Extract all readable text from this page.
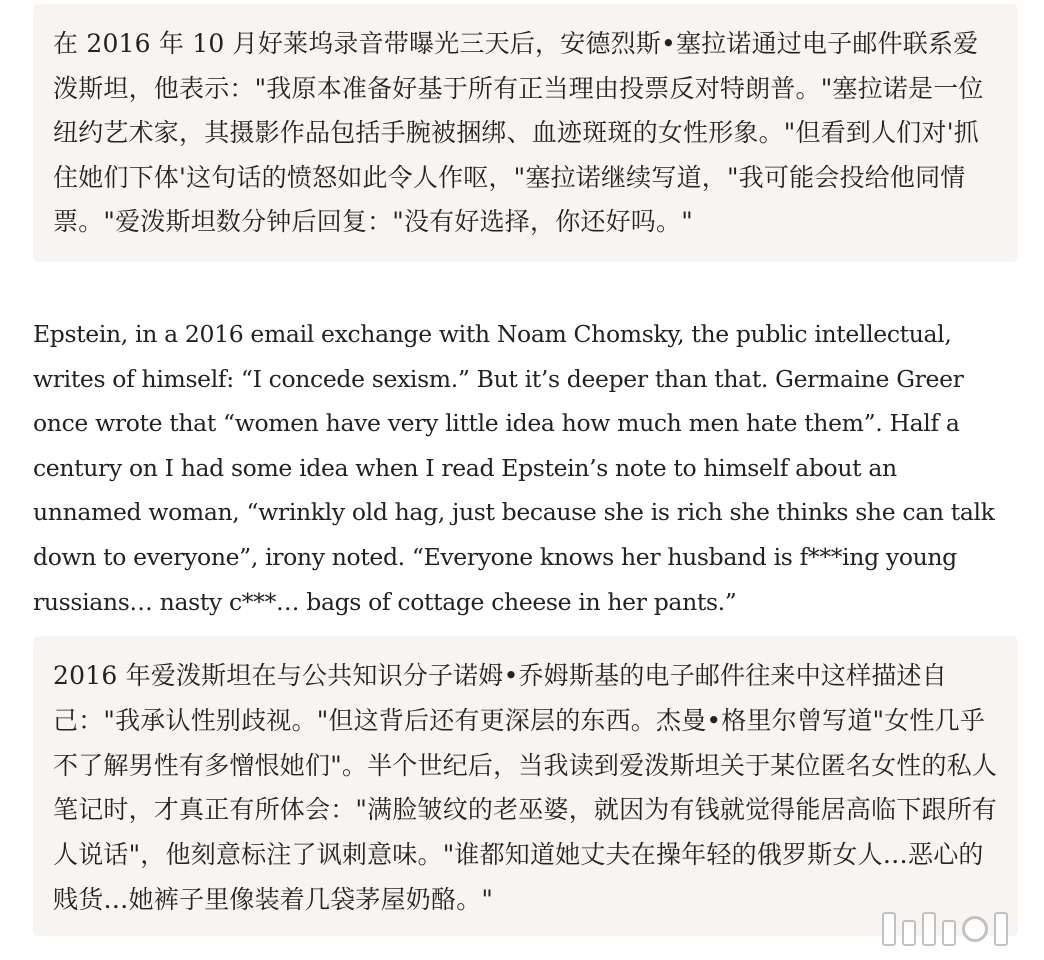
在 2016 年 10 月好莱坞录音带曝光三天后，安德烈斯•塞拉诺通过电子邮件联系爱泼斯坦，他表示："我原本准备好基于所有正当理由投票反对特朗普。"塞拉诺是一位纽约艺术家，其摄影作品包括手腕被捆绑、血迹斑斑的女性形象。"但看到人们对'抓住她们下体'这句话的愤怒如此令人作呕，"塞拉诺继续写道，"我可能会投给他同情票。"爱泼斯坦数分钟后回复："没有好选择，你还好吗。"

Epstein, in a 2016 email exchange with Noam Chomsky, the public intellectual, writes of himself: “I concede sexism.” But it’s deeper than that. Germaine Greer once wrote that “women have very little idea how much men hate them”. Half a century on I had some idea when I read Epstein’s note to himself about an unnamed woman, “wrinkly old hag, just because she is rich she thinks she can talk down to everyone”, irony noted. “Everyone knows her husband is f***ing young russians… nasty c***… bags of cottage cheese in her pants.”

2016 年爱泼斯坦在与公共知识分子诺姆•乔姆斯基的电子邮件往来中这样描述自己："我承认性别歧视。"但这背后还有更深层的东西。杰曼•格里尔曾写道"女性几乎不了解男性有多憎恨她们"。半个世纪后，当我读到爱泼斯坦关于某位匿名女性的私人笔记时，才真正有所体会："满脸皱纹的老巫婆，就因为有钱就觉得能居高临下跟所有人说话"，他刻意标注了讽刺意味。"谁都知道她丈夫在操年轻的俄罗斯女人…恶心的贱货…她裤子里像装着几袋茅屋奶酪。"
